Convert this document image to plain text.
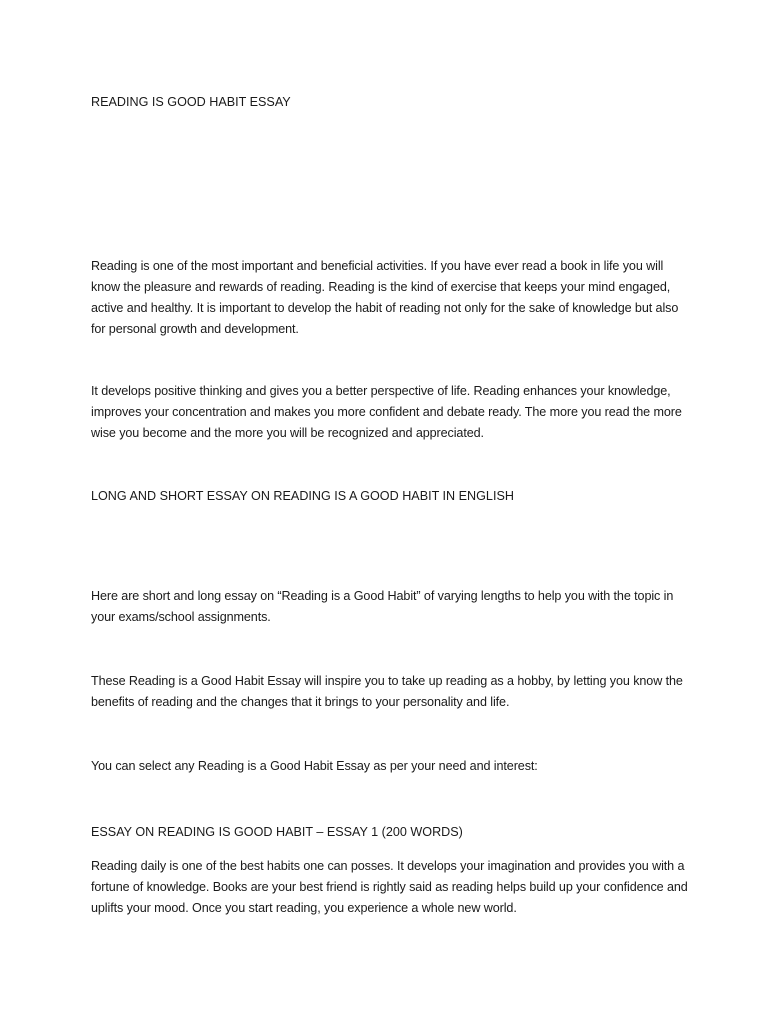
READING IS GOOD HABIT ESSAY

Reading is one of the most important and beneficial activities. If you have ever read a book in life you will know the pleasure and rewards of reading. Reading is the kind of exercise that keeps your mind engaged, active and healthy. It is important to develop the habit of reading not only for the sake of knowledge but also for personal growth and development.

It develops positive thinking and gives you a better perspective of life. Reading enhances your knowledge, improves your concentration and makes you more confident and debate ready. The more you read the more wise you become and the more you will be recognized and appreciated.

LONG AND SHORT ESSAY ON READING IS A GOOD HABIT IN ENGLISH

Here are short and long essay on “Reading is a Good Habit” of varying lengths to help you with the topic in your exams/school assignments.

These Reading is a Good Habit Essay will inspire you to take up reading as a hobby, by letting you know the benefits of reading and the changes that it brings to your personality and life.

You can select any Reading is a Good Habit Essay as per your need and interest:

ESSAY ON READING IS GOOD HABIT – ESSAY 1 (200 WORDS)

Reading daily is one of the best habits one can posses. It develops your imagination and provides you with a fortune of knowledge. Books are your best friend is rightly said as reading helps build up your confidence and uplifts your mood. Once you start reading, you experience a whole new world.
